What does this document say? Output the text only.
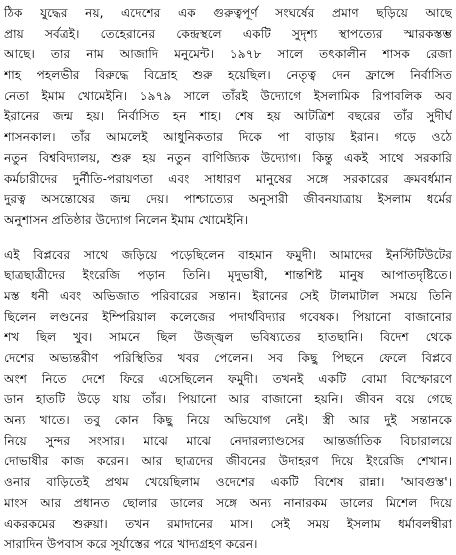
ঠিক যুদ্ধের নয়, এদেশের এক গুরুত্বপূর্ণ সংঘর্ষের প্রমাণ ছড়িয়ে আছে
প্রায় সর্বত্রই। তেহেরানের কেন্দ্রস্থলে একটি সুদৃশ্য স্থাপত্যের স্মারকস্তম্ভ
আছে। তার নাম আজাদি মনুমেন্ট। ১৯৭৮ সালে তৎকালীন শাসক রেজা
শাহ পহলভীর বিরুদ্ধে বিদ্রোহ শুরু হয়েছিল। নেতৃত্ব দেন ফ্রান্সে নির্বাসিত
নেতা ইমাম খোমেইনি। ১৯৭৯ সালে তাঁরই উদ্যোগে ইসলামিক রিপাবলিক অব
ইরানের জন্ম হয়। নির্বাসিত হন শাহ। শেষ হয় আটত্রিশ বছরের তাঁর সুদীর্ঘ
শাসনকাল। তাঁর আমলেই আধুনিকতার দিকে পা বাড়ায় ইরান। গড়ে ওঠে
নতুন বিশ্ববিদ্যালয়, শুরু হয় নতুন বাণিজ্যিক উদ্যোগ। কিন্তু একই সাথে সরকারি
কর্মচারীদের দুর্নীতি-পরায়ণতা এবং সাধারণ মানুষের সঙ্গে সরকারের ক্রমবর্ধমান
দুরত্ব অসন্তোষের জন্ম দেয়। পাশ্চাত্যের অনুসারী জীবনযাত্রায় ইসলাম ধর্মের
অনুশাসন প্রতিষ্ঠার উদ্যোগ নিলেন ইমাম খোমেইনি।
এই বিপ্লবের সাথে জড়িয়ে পড়েছিলেন বাহমান ফমুদী। আমাদের ইনস্টিটিউটের
ছাত্রছাত্রীদের ইংরেজি পড়ান তিনি। মৃদুভাষী, শান্তশিষ্ট মানুষ আপাতদৃষ্টিতে।
মস্ত ধনী এবং অভিজাত পরিবারের সন্তান। ইরানের সেই টালমাটাল সময়ে তিনি
ছিলেন লণ্ডনের ইম্পিরিয়াল কলেজের পদার্থবিদ্যার গবেষক। পিয়ানো বাজানোর
শখ ছিল খুব। সামনে ছিল উজ্জ্বল ভবিষ্যতের হাতছানি। বিদেশ থেকে
দেশের অভ্যন্তরীণ পরিস্থিতির খবর পেলেন। সব কিছু পিছনে ফেলে বিপ্লবে
অংশ নিতে দেশে ফিরে এসেছিলেন ফমুদী। তখনই একটি বোমা বিস্ফোরণে
ডান হাতটি উড়ে যায় তাঁর। পিয়ানো আর বাজানো হয়নি। জীবন বয়ে গেছে
অন্য খাতে। তবু কোন কিছু নিয়ে অভিযোগ নেই। স্ত্রী আর দুই সন্তানকে
নিয়ে সুন্দর সংসার। মাঝে মাঝে নেদারল্যাণ্ডসের আন্তর্জাতিক বিচারালয়ে
দোভাষীর কাজ করেন। আর ছাত্রদের জীবনের উদাহরণ দিয়ে ইংরেজি শেখান।
ওনার বাড়িতেই প্রথম খেয়েছিলাম ওদেশের একটি বিশেষ রান্না। 'আবগুস্ত'।
মাংস আর প্রধানত ছোলার ডালের সঙ্গে অন্য নানারকম ডালের মিশেল দিয়ে
একরকমের শুরুয়া। তখন রমাদানের মাস। সেই সময় ইসলাম ধর্মাবলম্বীরা
সারাদিন উপবাস করে সূর্যাস্তের পরে খাদ্যগ্রহণ করেন।
